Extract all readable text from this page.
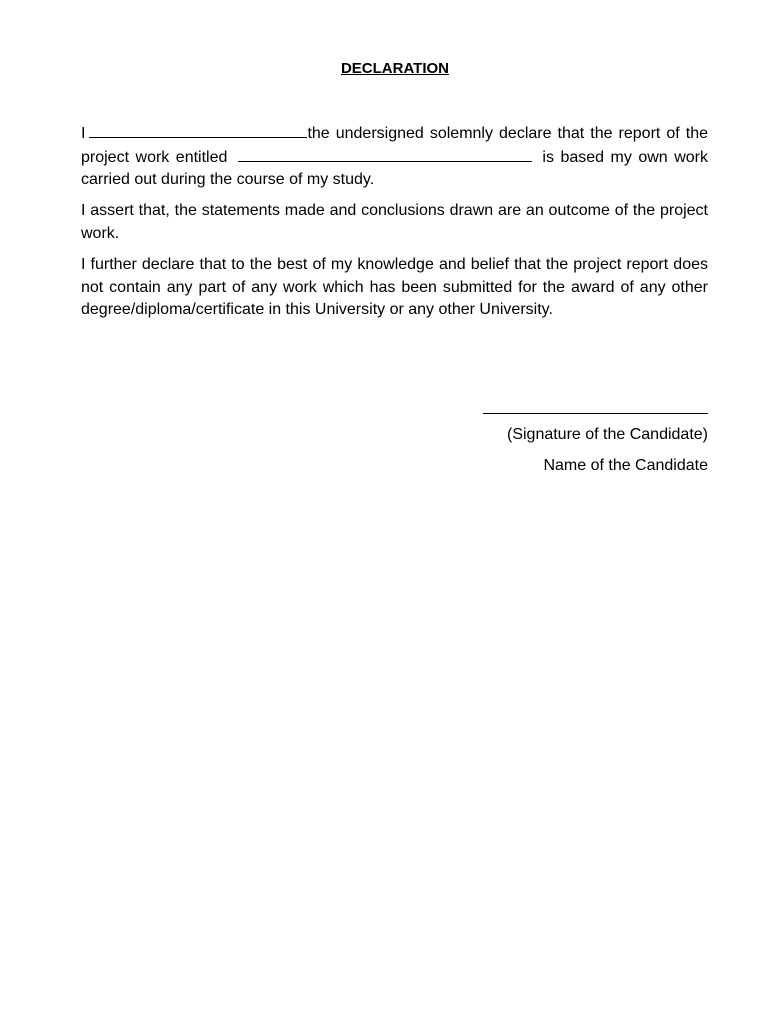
DECLARATION
I	the undersigned solemnly declare that the report of the project work entitled	is based my own work carried out during the course of my study.
I assert that, the statements made and conclusions drawn are an outcome of the project work.
I further declare that to the best of my knowledge and belief that the project report does not contain any part of any work which has been submitted for the award of any other degree/diploma/certificate in this University or any other University.
(Signature of the Candidate)
Name of the Candidate
